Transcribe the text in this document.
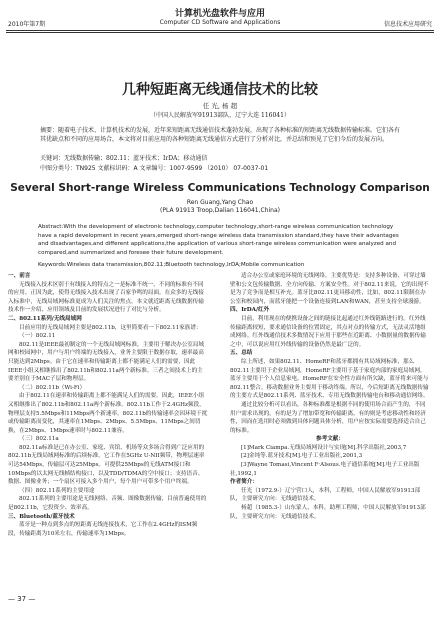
2010年第7期
计算机光盘软件与应用
Computer CD Software and Applications	信息技术应用研究
几种短距离无线通信技术的比较
任 光, 杨 超
（中国人民解放军91913部队，辽宁大连 116041）
摘要：随着电子技术、计算机技术的发展，近年来短距离无线通信技术蓬勃发展，出现了各种标准的短距离无线数据传输标准。它们各有其优缺点和不同的应用场合，本文将对目前应用的各种短距离无线通信方式进行了分析对比，并总结和预见了它们今后的发展方向。
关键词：无线数据传输；802.11；蓝牙技术；IrDA；移动通信
中图分类号：TN925 文献标识码：A 文章编号：1007-9599 （2010） 07-0037-01
Several Short-range Wireless Communications Technology Comparison
Ren Guang,Yang Chao
(PLA 91913 Troop,Dalian 116041,China)
Abstract:With the development of electronic technology,computer technology,short-range wireless communication technology have a rapid development in recent years,emerged short-range wireless data transmission standard,they have their advantages and disadvantages,and different applications,the application of various short-range wireless communication were analyzed and compared,and summarized and foresee their future development.
Keywords:Wireless data transmission,802.11;Bluetooth technology,IrDA;Mobile communication

一、前言

无线接入技术区别于有线接入的特点之一是标准不统一，不同的标准有不同的应用。正因为此，使得无线接入技术出现了百家争鸣的局面。在众多的无线接入标准中，无线局域网标准更成为人们关注的焦点。本文就近距离无线数据传输技术作一介绍、应用领域及目前的发展状况进行了对比与分析。

二、802.11系列/无线局域网

目前应用的无线局域网主要是802.11b，这里简要看一下802.11家族谱：

（一）802.11

802.11是IEEE最初制定的一个无线局域网标准，主要用于解决办公室局域网和校园网中，用户与用户终端的无线接入，业务主要限于数据存取，速率最高只能达到2Mbps。由于它在速率和传输距离上都不能满足人们的需要，因此IEEE小组又相继推出了802.11b和802.11a两个新标准。三者之间技术上的主要差别在于MAC子层和物理层。

（二）802.11b（Wi-Fi）

由于802.11在速率和传输距离上都不能满足人们的需要。因此，IEEE小组又相继推出了802.11b和802.11a两个新标准。802.11b工作于2.4GHz频段，物理层支持5.5Mbps和11Mbps两个新速率。802.11b的传输速率会因环境干扰或传输距离而变化，其速率在1Mbps、2Mbps、5.5Mbps、11Mbps之间切换，在2Mbps、1Mbps速率时与802.11兼容。

（三）802.11a

802.11a标准是已在办公室、家庭、宾馆、机场等众多场合得到广泛应用的802.11b无线局域网标准的后续标准。它工作在5GHz U-NII频带，物理层速率可达54Mbps，传输层可达25Mbps。可提供25Mbps的无线ATM接口和10Mbps的以太网无线帧结构接口，以及TDD/TDMA的空中接口；支持语音、数据、图像业务；一个扇区可接入多个用户，每个用户可带多个用户终端。

（四）802.11系列的主要用途

802.11系列的主要用途是无线网络、音频、图像数据传输，目前普遍使用的是802.11b，它投资少、效率高。

三、Bluetooth/蓝牙技术

蓝牙是一种点到多点的短距离无线连接技术，它工作在2.4GHz的ISM频段，传输距离为10米左右，传输速率为1Mbps。

适合办公室或家庭环境的无线网络。主要优势是：支持多种设备、可穿过墙壁和公文包传输数据、全方向传输、方案安全性。对于802.11来说，它的出现不是为了竞争而是相互补充。蓝牙比802.11更具移动性，比如，802.11限制在办公室和校园内，而蓝牙能把一个设备连接到LAN和WAN，甚至支持全球漫游。

四、IrDA/红外

目前，利用现在的便携设备之间的链接比起通过红外线链路进行的。红外线传输距离较短，要求通信设备的位置固定，其点对点的传输方式，无法灵活地组成网络。红外线通信技术多数情况下应用于那些在近距离、小数据量的数据传输之中，可以说应用红外线传输的设备仍然是最广泛的。

五、总结

综上所述，如果802.11、HomeRF和蓝牙都拥有其局域网标准，那么802.11主要用于企业局域网，HomeRF主要用于基于家庭内部的家庭局域网，蓝牙主要用于个人信息家电。HomeRF在安全性方面有所欠缺，蓝牙将来可能与802.11整合。移动数据业务主要用于移动终端。所以，今后短距离无线数据传输的主要方式是802.11系列、蓝牙技术、专用无线数据传输电台和移动通信网络。

通过比较分析可以看出，各种标准都是根据不同的使用场合而产生的，不同用户需求出现的。有的是为了增加带宽和传输距离，有的则是考虑移动性和经济性，因而在选用时必须做到具体问题具体分析，用户应按实际需要选择适合自己的标准。

参考文献：

[1]Mark Ciampa.无线局域网设计与实现[M].科学出版社,2003,7

[2]金纯等.蓝牙技术[M].电子工业出版社,2001,3

[3]Wayne Tomasi,Vincent F·Alsous.电子通信系统[M].电子工业出版社,1992,1

作者简介：

任光（1972.9-）辽宁营口人，本科，工程师，中国人民解放军91913部队，主要研究方向：无线通信技术。

杨超（1985.3-）山东蒙人，本科，助理工程师，中国人民解放军91913部队，主要研究方向：无线通信技术。

— 37 —
